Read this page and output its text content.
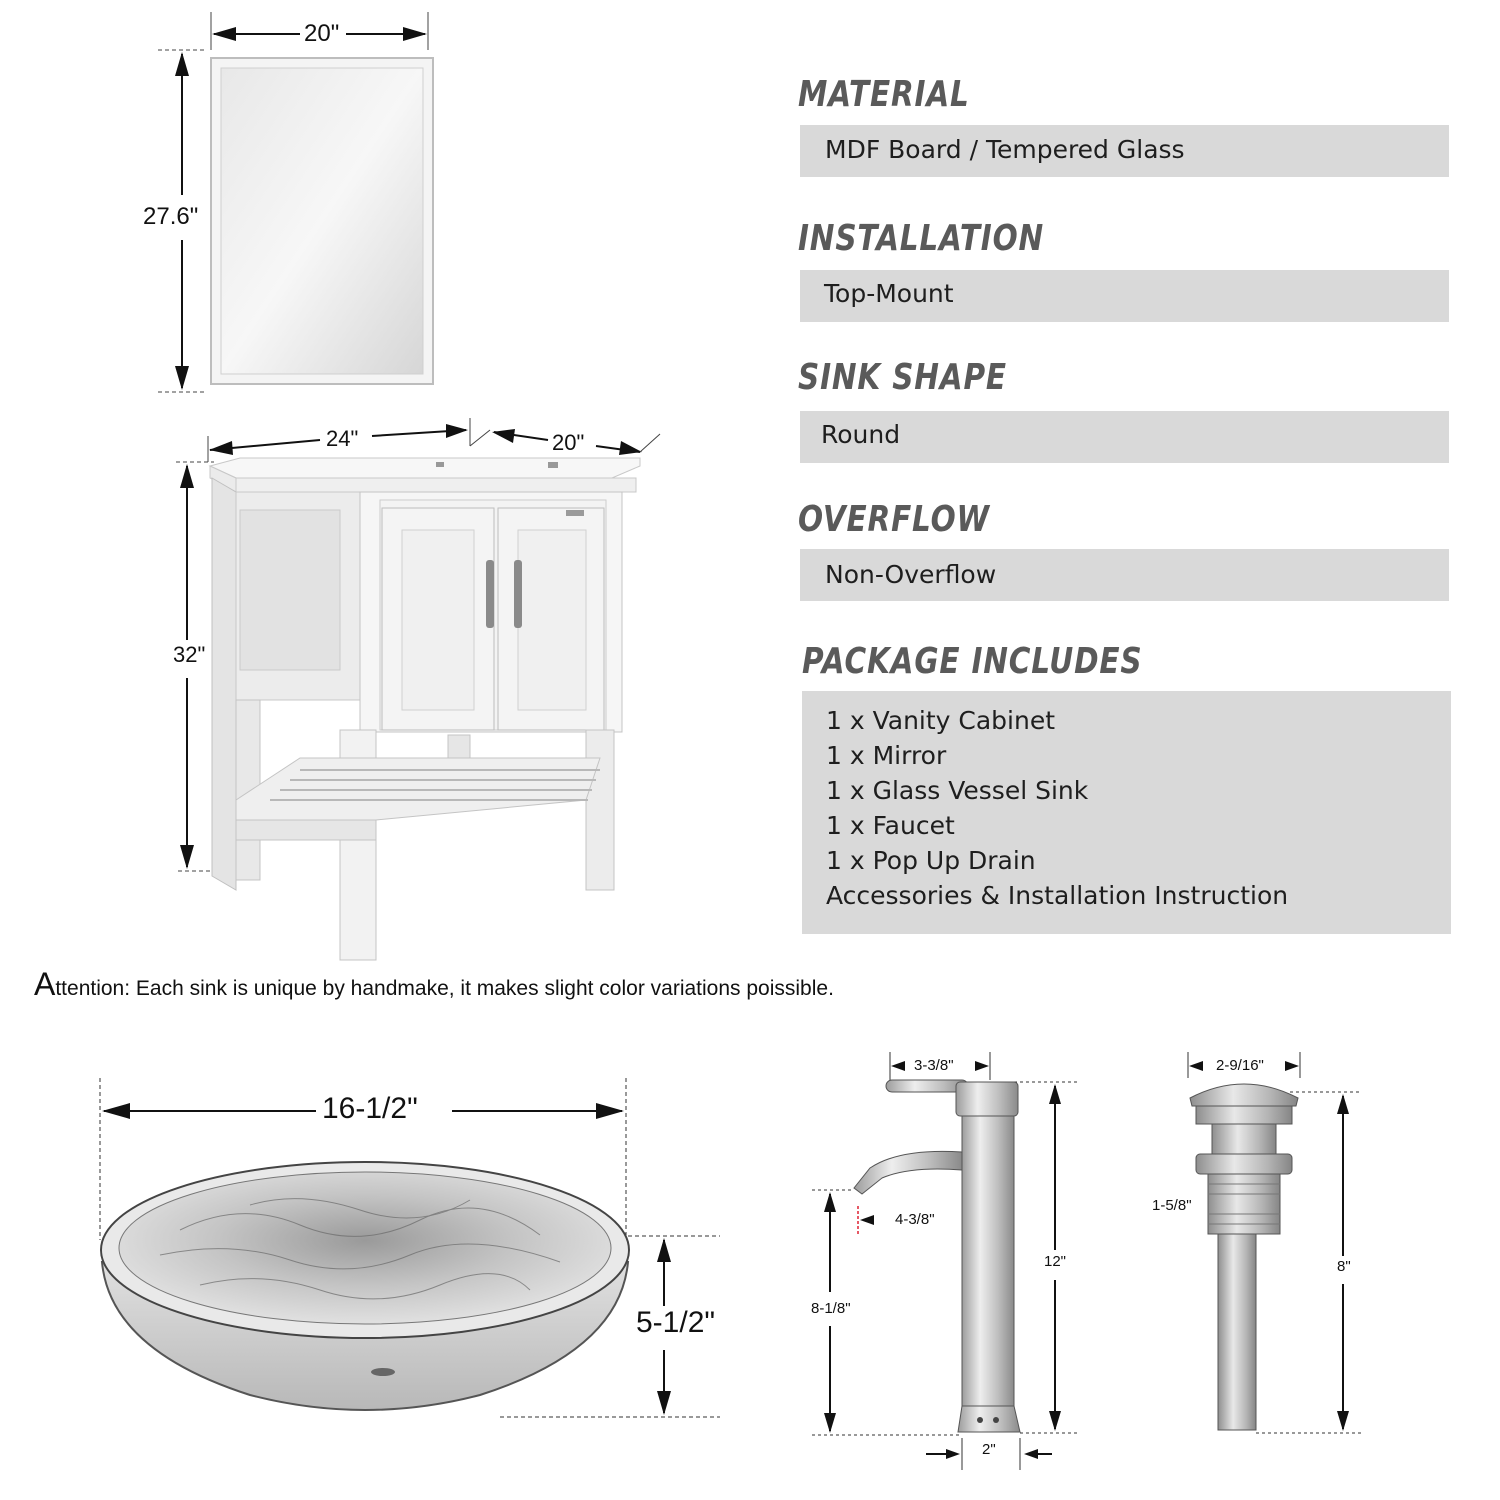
20"
27.6"
24"	20"
32"
MATERIAL
MDF Board / Tempered Glass
INSTALLATION
Top-Mount
SINK SHAPE
Round
OVERFLOW
Non-Overflow
PACKAGE INCLUDES
1 x Vanity Cabinet
1 x Mirror
1 x Glass Vessel Sink
1 x Faucet
1 x Pop Up Drain
Accessories & Installation Instruction
Attention: Each sink is unique by handmake, it makes slight color variations poissible.
16-1/2"
5-1/2"
3-3/8"
4-3/8"
8-1/8"
12"
2"
2-9/16"
1-5/8"
8"
